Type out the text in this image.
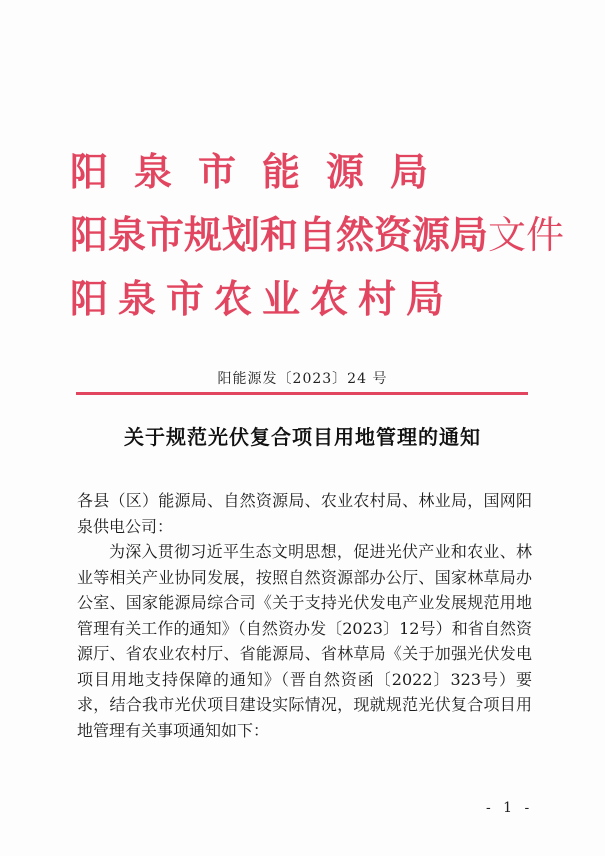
阳泉市能源局
阳泉市规划和自然资源局文件
阳泉市农业农村局
阳能源发〔2023〕24 号
关于规范光伏复合项目用地管理的通知
各县（区）能源局、自然资源局、农业农村局、林业局，国网阳泉供电公司：
为深入贯彻习近平生态文明思想，促进光伏产业和农业、林业等相关产业协同发展，按照自然资源部办公厅、国家林草局办公室、国家能源局综合司《关于支持光伏发电产业发展规范用地管理有关工作的通知》（自然资办发〔2023〕12号）和省自然资源厅、省农业农村厅、省能源局、省林草局《关于加强光伏发电项目用地支持保障的通知》（晋自然资函〔2022〕323号）要求，结合我市光伏项目建设实际情况，现就规范光伏复合项目用地管理有关事项通知如下：
- 1 -
